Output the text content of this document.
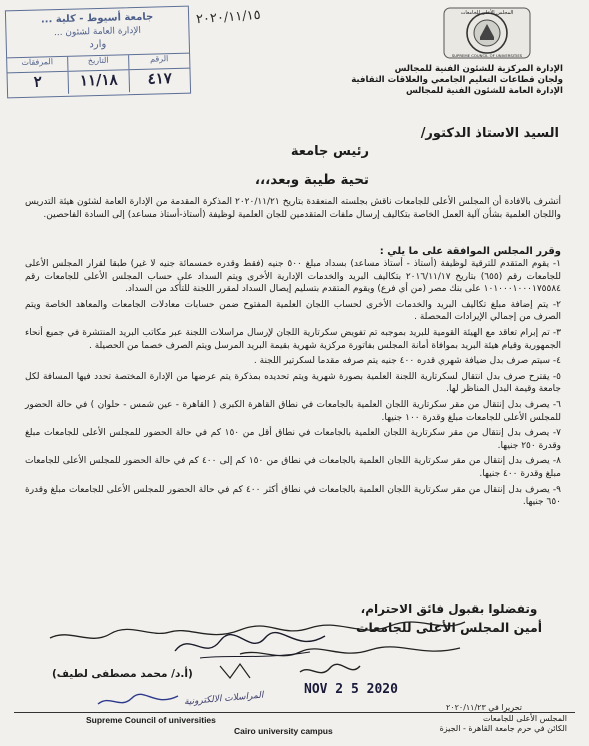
جامعة أسيوط - كلية ...
الإدارة العامة لشئون ...
وارد
الرقم
التاريخ
المرفقات
٤١٧
١١/١٨
٢
٢٠٢٠/١١/١٥	المجلس الأعلى للجامعات
SUPREME COUNCIL OF UNIVERSITIES
الإدارة المركزية للشئون الفنية للمجالس
ولجان قطاعات التعليم الجامعي والعلاقات الثقافية
الإدارة العامة للشئون الفنية للمجالس
السيد الاستاذ الدكتور/
رئيس جامعة
تحية طيبة وبعد،،،
أتشرف بالافادة أن المجلس الأعلى للجامعات ناقش بجلسته المنعقدة بتاريخ ٢٠٢٠/١١/٢١ المذكرة المقدمة من الإدارة العامة لشئون هيئة التدريس واللجان العلمية بشأن آلية العمل الخاصة بتكاليف إرسال ملفات المتقدمين للجان العلمية لوظيفة (أستاذ-أستاذ مساعد) إلى السادة الفاحصين.
وقرر المجلس الموافقة على ما يلي :
١- يقوم المتقدم للترقية لوظيفة (أستاذ - أستاذ مساعد) بسداد مبلغ ٥٠٠ جنيه (فقط وقدره خمسمائة جنيه لا غير) طبقا لقرار المجلس الأعلى للجامعات رقم (٦٥٥) بتاريخ ٢٠١٦/١١/١٧ بتكاليف البريد والخدمات الإدارية الأخرى ويتم السداد على حساب المجلس الأعلى للجامعات رقم ١٠١٠٠٠١٠٠٠١٧٥٥٨٤ على بنك مصر (من أي فرع) ويقوم المتقدم بتسليم إيصال السداد لمقرر اللجنة للتأكد من السداد.
٢- يتم إضافة مبلغ تكاليف البريد والخدمات الأخرى لحساب اللجان العلمية المفتوح ضمن حسابات معادلات الجامعات والمعاهد الخاصة ويتم الصرف من إجمالي الإيرادات المحصلة .
٣- تم إبرام تعاقد مع الهيئة القومية للبريد بموجبه تم تفويض سكرتارية اللجان لإرسال مراسلات اللجنة عبر مكاتب البريد المنتشرة في جميع أنحاء الجمهورية وقيام هيئة البريد بموافاة أمانة المجلس بفاتورة مركزية شهرية بقيمة البريد المرسل ويتم الصرف خصما من الحصيلة .
٤- سيتم صرف بدل ضيافة شهري قدره ٤٠٠ جنيه يتم صرفه مقدما لسكرتير اللجنة .
٥- يقترح صرف بدل انتقال لسكرتارية اللجنة العلمية بصورة شهرية ويتم تحديده بمذكرة يتم عرضها من الإدارة المختصة تحدد فيها المسافة لكل جامعة وقيمة البدل المناظر لها.
٦- يصرف بدل إنتقال من مقر سكرتارية اللجان العلمية بالجامعات في نطاق القاهرة الكبرى ( القاهرة - عين شمس - حلوان ) في حالة الحضور للمجلس الأعلى للجامعات مبلغ وقدرة ١٠٠ جنيها.
٧- يصرف بدل إنتقال من مقر سكرتارية اللجان العلمية بالجامعات في نطاق أقل من ١٥٠ كم في حالة الحضور للمجلس الأعلى للجامعات مبلغ وقدرة ٢٥٠ جنيها.
٨- يصرف بدل إنتقال من مقر سكرتارية اللجان العلمية بالجامعات في نطاق من ١٥٠ كم إلى ٤٠٠ كم في حالة الحضور للمجلس الأعلى للجامعات مبلغ وقدرة ٤٠٠ جنيها.
٩- يصرف بدل إنتقال من مقر سكرتارية اللجان العلمية بالجامعات في نطاق أكثر ٤٠٠ كم في حالة الحضور للمجلس الأعلى للجامعات مبلغ وقدرة ٦٥٠ جنيها.
وتفضلوا بقبول فائق الاحترام،
أمين المجلس الأعلى للجامعات
(أ.د/ محمد مصطفى لطيف)
المراسلات الالكترونية
NOV 2 5 2020
تحريرا في ٢٠٢٠/١١/٢٣
Supreme Council of universities
Cairo university campus
المجلس الأعلى للجامعات
الكائن في حرم جامعة القاهرة - الجيزة
